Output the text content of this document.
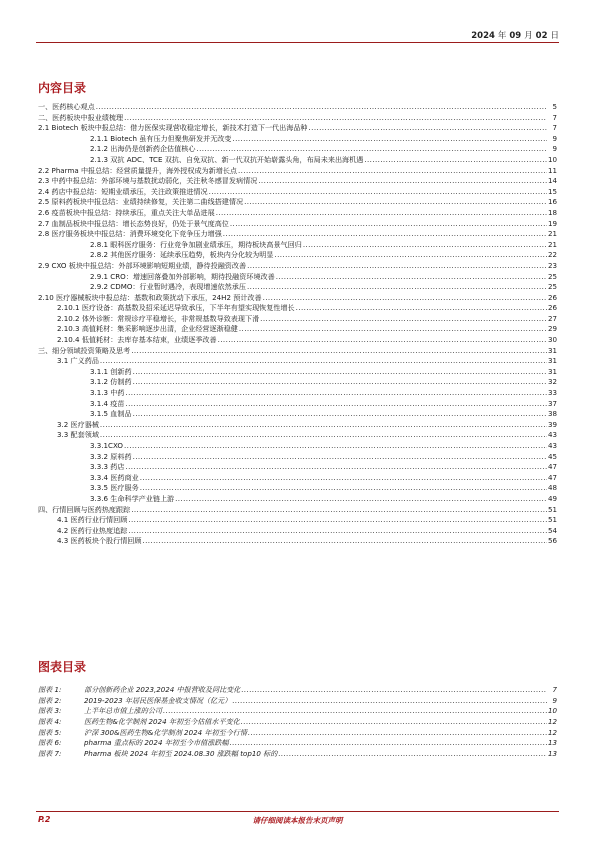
2024 年 09 月 02 日
内容目录
一、医药核心观点 .....	5
二、医药板块中报业绩梳理 .....	7
2.1 Biotech 板块中报总结：借力医保实现营收稳定增长，新技术打造下一代出海品种 .....	7
2.1.1 Biotech 虽有压力但聚焦研发并无改变 .....	9
2.1.2 出海仍是创新药企估值核心 .....	9
2.1.3 双抗 ADC、TCE 双抗、自免双抗、新一代双抗开始崭露头角，布局未来出海机遇 .....	10
2.2 Pharma 中报总结：经营质量提升，海外授权成为新增长点 .....	11
2.3 中药中报总结：外部环境与基数扰动弱化，关注秋冬感冒发病情况 .....	14
2.4 药店中报总结：短期业绩承压，关注政策推进情况 .....	15
2.5 原料药板块中报总结：业绩持续修复，关注第二曲线搭建情况 .....	16
2.6 疫苗板块中报总结：持续承压，重点关注大单品进展 .....	18
2.7 血制品板块中报总结：增长态势良好，仍处于景气度高位 .....	19
2.8 医疗服务板块中报总结：消费环境变化下竞争压力增强 .....	21
2.8.1 眼科医疗服务：行业竞争加剧业绩承压，期待板块高景气回归 .....	21
2.8.2 其他医疗服务：延续承压趋势，板块内分化较为明显 .....	22
2.9 CXO 板块中报总结：外部环境影响短期业绩，静待投融资改善 .....	23
2.9.1 CRO：增速回落叠加外部影响，期待投融资环境改善 .....	25
2.9.2 CDMO：行业暂时遇冷，表现增速依然承压 .....	25
2.10 医疗器械板块中报总结：基数和政策扰动下承压，24H2 预计改善 .....	26
2.10.1 医疗设备：高基数及招采延迟导致承压，下半年有望实现恢复性增长 .....	26
2.10.2 体外诊断：常规诊疗平稳增长，非常规基数导致表现下滑 .....	27
2.10.3 高值耗材：集采影响逐步出清，企业经营逐渐稳健 .....	29
2.10.4 低值耗材：去库存基本结束，业绩逐季改善 .....	30
三、细分领域投资策略及思考 .....	31
3.1 广义药品 .....	31
3.1.1 创新药 .....	31
3.1.2 仿制药 .....	32
3.1.3 中药 .....	33
3.1.4 疫苗 .....	37
3.1.5 血制品 .....	38
3.2 医疗器械 .....	39
3.3 配套领域 .....	43
3.3.1CXO .....	43
3.3.2 原料药 .....	45
3.3.3 药店 .....	47
3.3.4 医药商业 .....	47
3.3.5 医疗服务 .....	48
3.3.6 生命科学产业链上游 .....	49
四、行情回顾与医药热度跟踪 .....	51
4.1 医药行业行情回顾 .....	51
4.2 医药行业热度追踪 .....	54
4.3 医药板块个股行情回顾 .....	56
图表目录
图表 1:	部分创新药企业 2023,2024 中报营收及同比变化 .....	7
图表 2:	2019-2023 年居民医保基金收支情况（亿元） .....	9
图表 3:	上半年总市值上涨的公司 .....	10
图表 4:	医药生物&化学制剂 2024 年初至今估值水平变化 .....	12
图表 5:	沪深 300&医药生物&化学制剂 2024 年初至今行情 .....	12
图表 6:	pharma 重点标的 2024 年初至今市值涨跌幅 .....	13
图表 7:	Pharma 板块 2024 年初至 2024.08.30 涨跌幅 top10 标的 .....	13
P.2	请仔细阅读本报告末页声明
